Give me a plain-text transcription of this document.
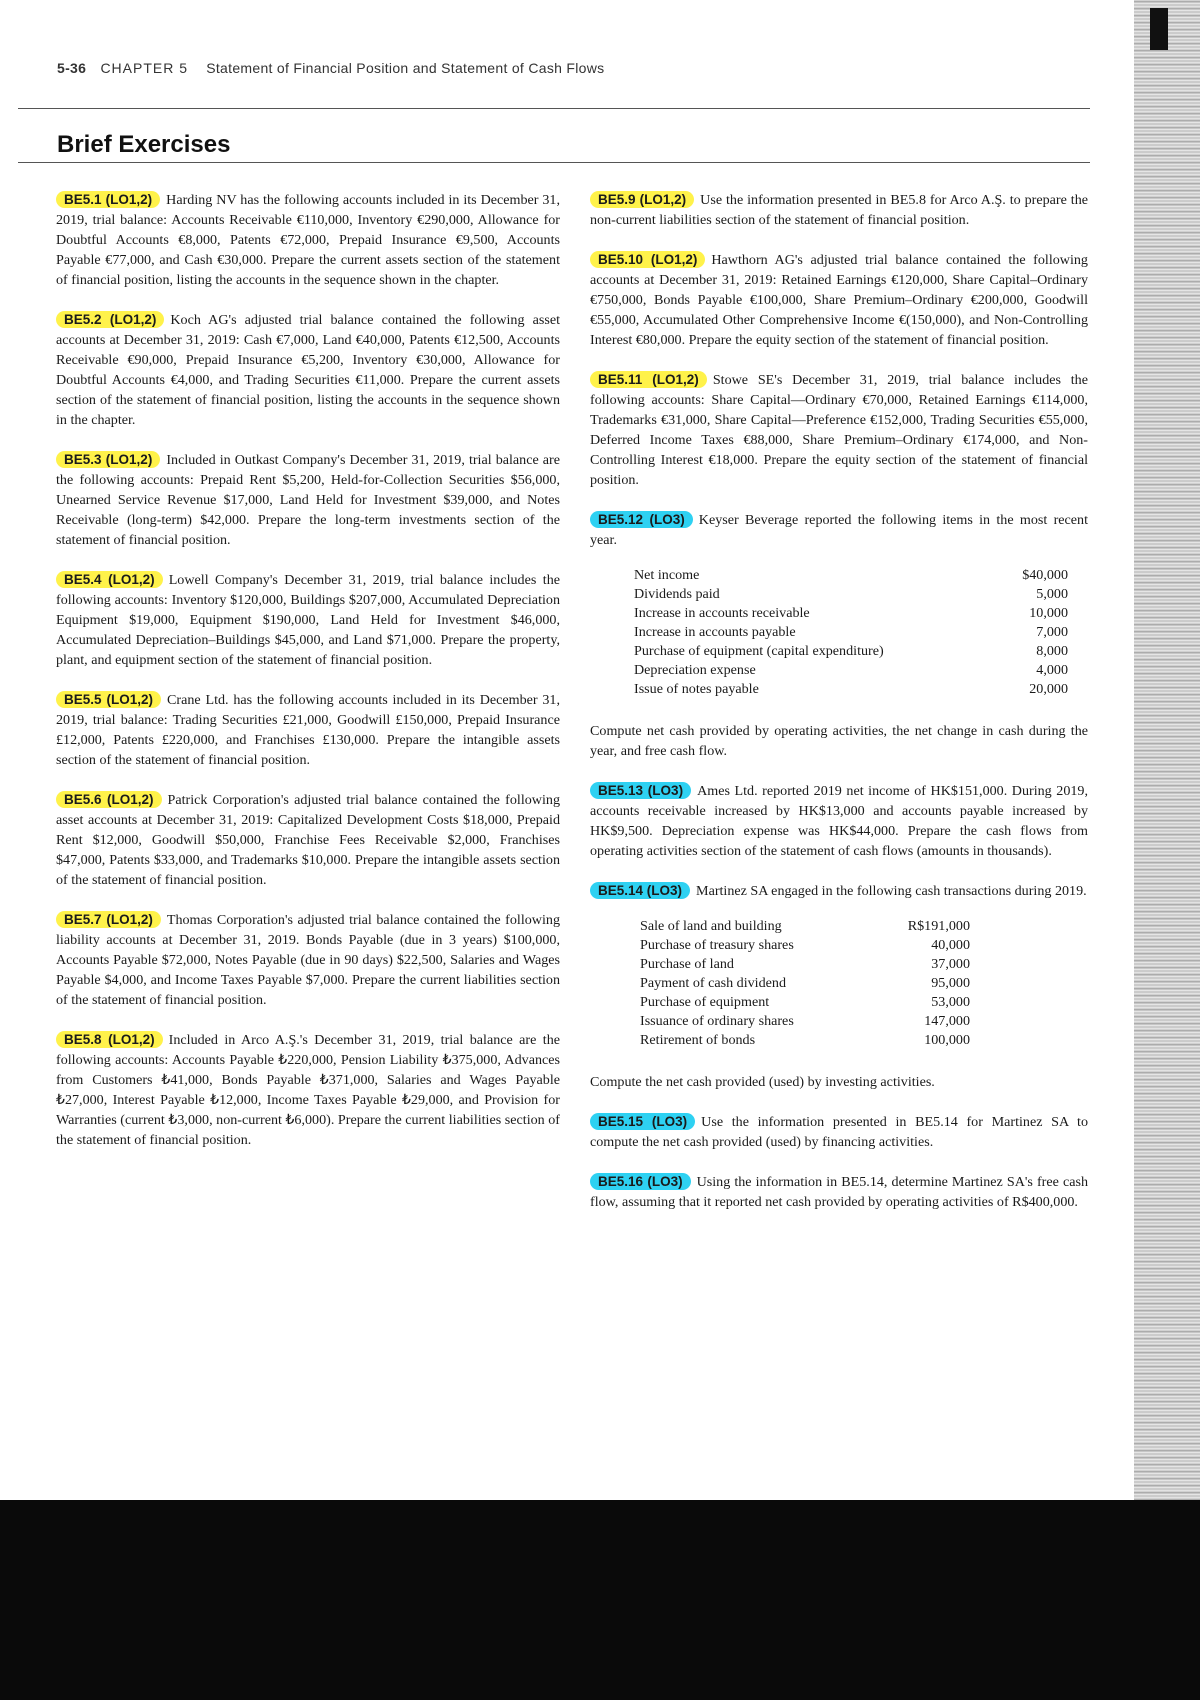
5-36 CHAPTER 5 Statement of Financial Position and Statement of Cash Flows
Brief Exercises

BE5.1 (LO1,2) Harding NV has the following accounts included in its December 31, 2019, trial balance: Accounts Receivable €110,000, Inventory €290,000, Allowance for Doubtful Accounts €8,000, Patents €72,000, Prepaid Insurance €9,500, Accounts Payable €77,000, and Cash €30,000. Prepare the current assets section of the statement of financial position, listing the accounts in the sequence shown in the chapter.

BE5.2 (LO1,2) Koch AG's adjusted trial balance contained the following asset accounts at December 31, 2019: Cash €7,000, Land €40,000, Patents €12,500, Accounts Receivable €90,000, Prepaid Insurance €5,200, Inventory €30,000, Allowance for Doubtful Accounts €4,000, and Trading Securities €11,000. Prepare the current assets section of the statement of financial position, listing the accounts in the sequence shown in the chapter.

BE5.3 (LO1,2) Included in Outkast Company's December 31, 2019, trial balance are the following accounts: Prepaid Rent $5,200, Held-for-Collection Securities $56,000, Unearned Service Revenue $17,000, Land Held for Investment $39,000, and Notes Receivable (long-term) $42,000. Prepare the long-term investments section of the statement of financial position.

BE5.4 (LO1,2) Lowell Company's December 31, 2019, trial balance includes the following accounts: Inventory $120,000, Buildings $207,000, Accumulated Depreciation Equipment $19,000, Equipment $190,000, Land Held for Investment $46,000, Accumulated Depreciation–Buildings $45,000, and Land $71,000. Prepare the property, plant, and equipment section of the statement of financial position.

BE5.5 (LO1,2) Crane Ltd. has the following accounts included in its December 31, 2019, trial balance: Trading Securities £21,000, Goodwill £150,000, Prepaid Insurance £12,000, Patents £220,000, and Franchises £130,000. Prepare the intangible assets section of the statement of financial position.

BE5.6 (LO1,2) Patrick Corporation's adjusted trial balance contained the following asset accounts at December 31, 2019: Capitalized Development Costs $18,000, Prepaid Rent $12,000, Goodwill $50,000, Franchise Fees Receivable $2,000, Franchises $47,000, Patents $33,000, and Trademarks $10,000. Prepare the intangible assets section of the statement of financial position.

BE5.7 (LO1,2) Thomas Corporation's adjusted trial balance contained the following liability accounts at December 31, 2019. Bonds Payable (due in 3 years) $100,000, Accounts Payable $72,000, Notes Payable (due in 90 days) $22,500, Salaries and Wages Payable $4,000, and Income Taxes Payable $7,000. Prepare the current liabilities section of the statement of financial position.

BE5.8 (LO1,2) Included in Arco A.Ş.'s December 31, 2019, trial balance are the following accounts: Accounts Payable ₺220,000, Pension Liability ₺375,000, Advances from Customers ₺41,000, Bonds Payable ₺371,000, Salaries and Wages Payable ₺27,000, Interest Payable ₺12,000, Income Taxes Payable ₺29,000, and Provision for Warranties (current ₺3,000, non-current ₺6,000). Prepare the current liabilities section of the statement of financial position.

BE5.9 (LO1,2) Use the information presented in BE5.8 for Arco A.Ş. to prepare the non-current liabilities section of the statement of financial position.

BE5.10 (LO1,2) Hawthorn AG's adjusted trial balance contained the following accounts at December 31, 2019: Retained Earnings €120,000, Share Capital–Ordinary €750,000, Bonds Payable €100,000, Share Premium–Ordinary €200,000, Goodwill €55,000, Accumulated Other Comprehensive Income €(150,000), and Non-Controlling Interest €80,000. Prepare the equity section of the statement of financial position.

BE5.11 (LO1,2) Stowe SE's December 31, 2019, trial balance includes the following accounts: Share Capital—Ordinary €70,000, Retained Earnings €114,000, Trademarks €31,000, Share Capital—Preference €152,000, Trading Securities €55,000, Deferred Income Taxes €88,000, Share Premium–Ordinary €174,000, and Non-Controlling Interest €18,000. Prepare the equity section of the statement of financial position.

BE5.12 (LO3) Keyser Beverage reported the following items in the most recent year.

Net income	$40,000
Dividends paid	5,000
Increase in accounts receivable	10,000
Increase in accounts payable	7,000
Purchase of equipment (capital expenditure)	8,000
Depreciation expense	4,000
Issue of notes payable	20,000

Compute net cash provided by operating activities, the net change in cash during the year, and free cash flow.

BE5.13 (LO3) Ames Ltd. reported 2019 net income of HK$151,000. During 2019, accounts receivable increased by HK$13,000 and accounts payable increased by HK$9,500. Depreciation expense was HK$44,000. Prepare the cash flows from operating activities section of the statement of cash flows (amounts in thousands).

BE5.14 (LO3) Martinez SA engaged in the following cash transactions during 2019.

Sale of land and building	R$191,000
Purchase of treasury shares	40,000
Purchase of land	37,000
Payment of cash dividend	95,000
Purchase of equipment	53,000
Issuance of ordinary shares	147,000
Retirement of bonds	100,000

Compute the net cash provided (used) by investing activities.

BE5.15 (LO3) Use the information presented in BE5.14 for Martinez SA to compute the net cash provided (used) by financing activities.

BE5.16 (LO3) Using the information in BE5.14, determine Martinez SA's free cash flow, assuming that it reported net cash provided by operating activities of R$400,000.
